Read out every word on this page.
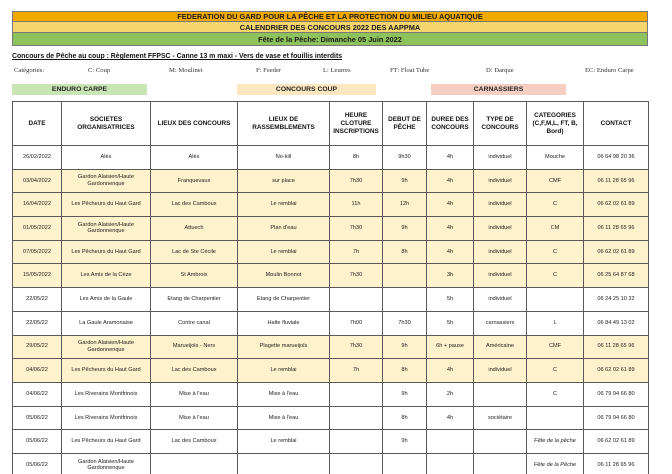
FEDERATION DU GARD POUR LA PÊCHE ET LA PROTECTION DU MILIEU AQUATIQUE
CALENDRIER DES CONCOURS 2022 DES AAPPMA
Fête de la Pêche: Dimanche 05 Juin 2022
Concours de Pêche au coup : Règlement FFPSC - Canne 13 m maxi - Vers de vase et fouillis interdits
Catégories:	C: Coup	M: Moulinet	F: Feeder	L: Leurres	FT: Float Tube	D: Darque	EC: Enduro Carpe
ENDURO CARPE	CONCOURS COUP	CARNASSIERS
DATE	SOCIETES ORGANISATRICES	LIEUX DES CONCOURS	LIEUX DE RASSEMBLEMENTS	HEURE CLOTURE INSCRIPTIONS	DEBUT DE PÊCHE	DUREE DES CONCOURS	TYPE DE CONCOURS	CATEGORIES (C,F,M,L, FT, B, Bord)	CONTACT
26/02/2022	Alès	Alès	No-kill	8h	9h30	4h	individuel	Mouche	06 64 98 20 36
03/04/2022	Gardon Alaisien/Haute Gardonnenque	Franquevaux	sur place	7h30	9h	4h	individuel	CMF	06 11 28 65 96
16/04/2022	Les Pêcheurs du Haut Gard	Lac des Camboux	Le remblai	11h	12h	4h	individuel	C	06 62 02 61 89
01/05/2022	Gardon Alaisien/Haute Gardonnenque	Attuech	Plan d'eau	7h30	9h	4h	individuel	CM	06 11 28 65 96
07/05/2022	Les Pêcheurs du Haut Gard	Lac de Ste Cécile	Le remblai	7h	8h	4h	individuel	C	06 62 02 61 89
15/05/2022	Les Amis de la Cèze	St Ambroix	Moulin Bonnot	7h30		3h	individuel	C	06 25 64 87 68
22/05/22	Les Amis de la Gaule	Etang de Charpentier	Etang de Charpentier			5h	individuel		06 24 25 10 32
22/05/22	La Gaule Aramonaise	Contre canal	Halte fluviale	7h00	7h30	5h	carnassiers	L	06 84 49 13 02
29/05/22	Gardon Alaisien/Haute Gardonnenque	Marueijols - Ners	Plagette marueijols	7h30	9h	6h + pause	Américaine	CMF	06 11 28 65 96
04/06/22	Les Pêcheurs du Haut Gard	Lac des Camboux	Le remblai	7h	8h	4h	individuel	C	06 62 02 61 89
04/06/22	Les Riverains Montfrinois	Mise à l'eau	Mise à l'eau		9h	2h		C	06 79 94 66 80
05/06/22	Les Riverains Montfrinois	Mise à l'eau	Mise à l'eau		8h	4h	sociétaire		06 79 94 66 80
05/06/22	Les Pêcheurs du Haut Gard	Lac des Camboux	Le remblai		9h			Fête de la pêche	06 62 02 61 89
05/06/22	Gardon Alaisien/Haute Gardonnenque							Fête de la Pêche	06 11 28 65 96
